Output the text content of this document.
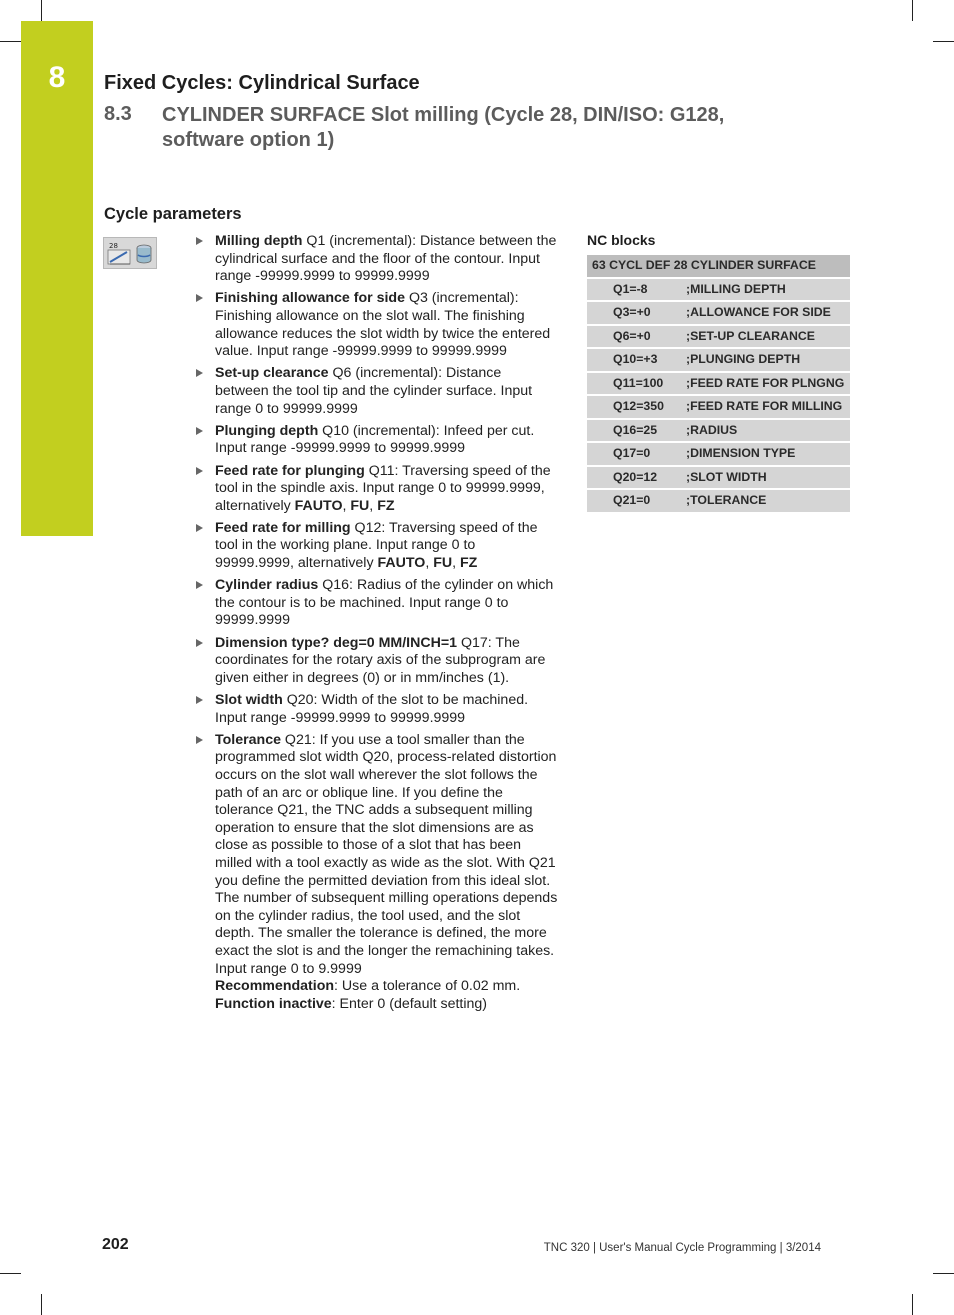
8	Fixed Cycles: Cylindrical Surface
8.3 CYLINDER SURFACE Slot milling (Cycle 28, DIN/ISO: G128, software option 1)
Cycle parameters
28	Milling depth Q1 (incremental): Distance between the cylindrical surface and the floor of the contour. Input range -99999.9999 to 99999.9999
Finishing allowance for side Q3 (incremental): Finishing allowance on the slot wall. The finishing allowance reduces the slot width by twice the entered value. Input range -99999.9999 to 99999.9999
Set-up clearance Q6 (incremental): Distance between the tool tip and the cylinder surface. Input range 0 to 99999.9999
Plunging depth Q10 (incremental): Infeed per cut. Input range -99999.9999 to 99999.9999
Feed rate for plunging Q11: Traversing speed of the tool in the spindle axis. Input range 0 to 99999.9999, alternatively FAUTO, FU, FZ
Feed rate for milling Q12: Traversing speed of the tool in the working plane. Input range 0 to 99999.9999, alternatively FAUTO, FU, FZ
Cylinder radius Q16: Radius of the cylinder on which the contour is to be machined. Input range 0 to 99999.9999
Dimension type? deg=0 MM/INCH=1 Q17: The coordinates for the rotary axis of the subprogram are given either in degrees (0) or in mm/inches (1).
Slot width Q20: Width of the slot to be machined. Input range -99999.9999 to 99999.9999
Tolerance Q21: If you use a tool smaller than the programmed slot width Q20, process-related distortion occurs on the slot wall wherever the slot follows the path of an arc or oblique line. If you define the tolerance Q21, the TNC adds a subsequent milling operation to ensure that the slot dimensions are as close as possible to those of a slot that has been milled with a tool exactly as wide as the slot. With Q21 you define the permitted deviation from this ideal slot. The number of subsequent milling operations depends on the cylinder radius, the tool used, and the slot depth. The smaller the tolerance is defined, the more exact the slot is and the longer the remachining takes. Input range 0 to 9.9999
Recommendation: Use a tolerance of 0.02 mm.
Function inactive: Enter 0 (default setting)
NC blocks
63 CYCL DEF 28 CYLINDER SURFACE	
Q1=-8	;MILLING DEPTH
Q3=+0	;ALLOWANCE FOR SIDE
Q6=+0	;SET-UP CLEARANCE
Q10=+3	;PLUNGING DEPTH
Q11=100	;FEED RATE FOR PLNGNG
Q12=350	;FEED RATE FOR MILLING
Q16=25	;RADIUS
Q17=0	;DIMENSION TYPE
Q20=12	;SLOT WIDTH
Q21=0	;TOLERANCE
202	TNC 320 | User's Manual Cycle Programming | 3/2014
